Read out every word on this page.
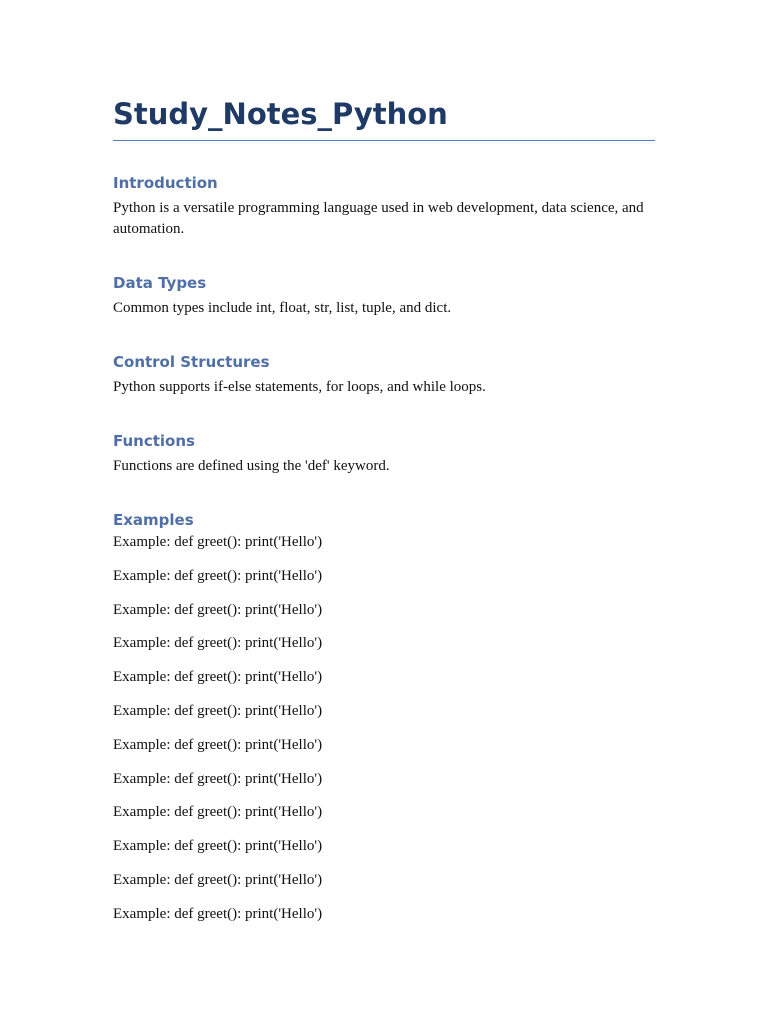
Study_Notes_Python
Introduction

Python is a versatile programming language used in web development, data science, and automation.

Data Types

Common types include int, float, str, list, tuple, and dict.

Control Structures

Python supports if-else statements, for loops, and while loops.

Functions

Functions are defined using the 'def' keyword.

Examples
Example: def greet(): print('Hello')
Example: def greet(): print('Hello')
Example: def greet(): print('Hello')
Example: def greet(): print('Hello')
Example: def greet(): print('Hello')
Example: def greet(): print('Hello')
Example: def greet(): print('Hello')
Example: def greet(): print('Hello')
Example: def greet(): print('Hello')
Example: def greet(): print('Hello')
Example: def greet(): print('Hello')
Example: def greet(): print('Hello')
